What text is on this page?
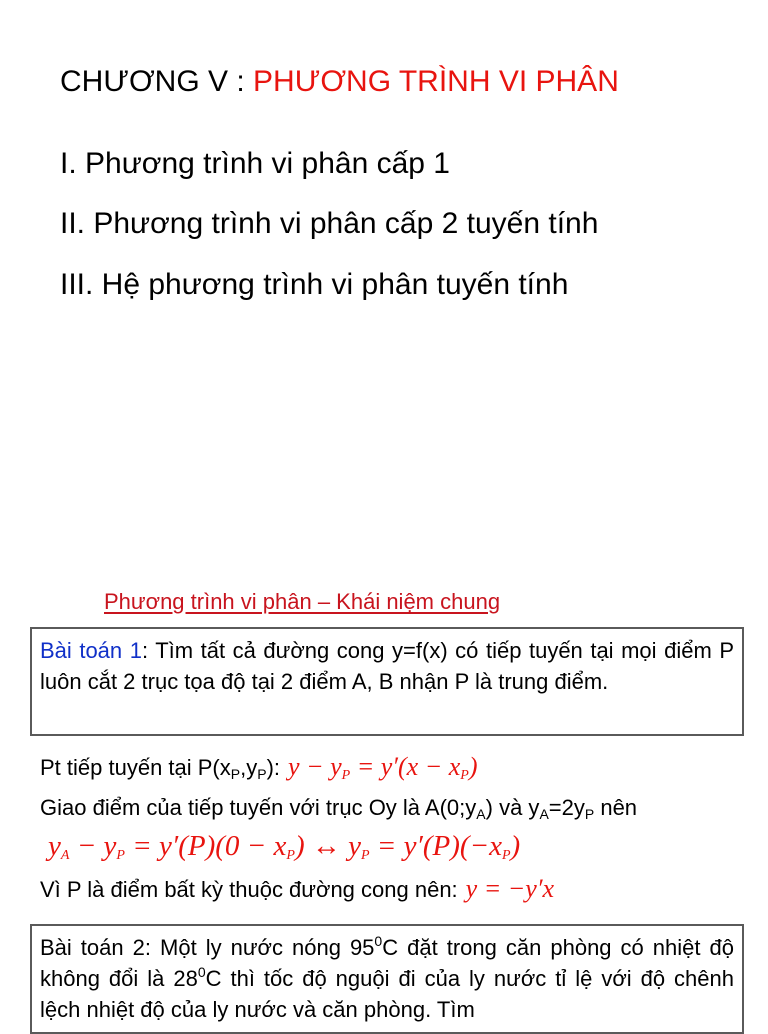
CHƯƠNG V : PHƯƠNG TRÌNH VI PHÂN
I. Phương trình vi phân cấp 1
II. Phương trình vi phân cấp 2 tuyến tính
III. Hệ phương trình vi phân tuyến tính
Phương trình vi phân – Khái niệm chung
Bài toán 1: Tìm tất cả đường cong y=f(x) có tiếp tuyến tại mọi điểm P luôn cắt 2 trục tọa độ tại 2 điểm A, B nhận P là trung điểm.
Pt tiếp tuyến tại $P(x_P,y_P)$: $y - y_P = y'(x - x_P)$
Giao điểm của tiếp tuyến với trục Oy là $A(0;y_A)$ và $y_A=2y_P$ nên
$y_A - y_P = y'(P)(0 - x_P)$ ↔ $y_P = y'(P)(-x_P)$
Vì P là điểm bất kỳ thuộc đường cong nên: y = −y′x
Bài toán 2: Một ly nước nóng $95^0C$ đặt trong căn phòng có nhiệt độ không đổi là $28^0C$ thì tốc độ nguội đi của ly nước tỉ lệ với độ chênh lệch nhiệt độ của ly nước và căn phòng. Tìm
